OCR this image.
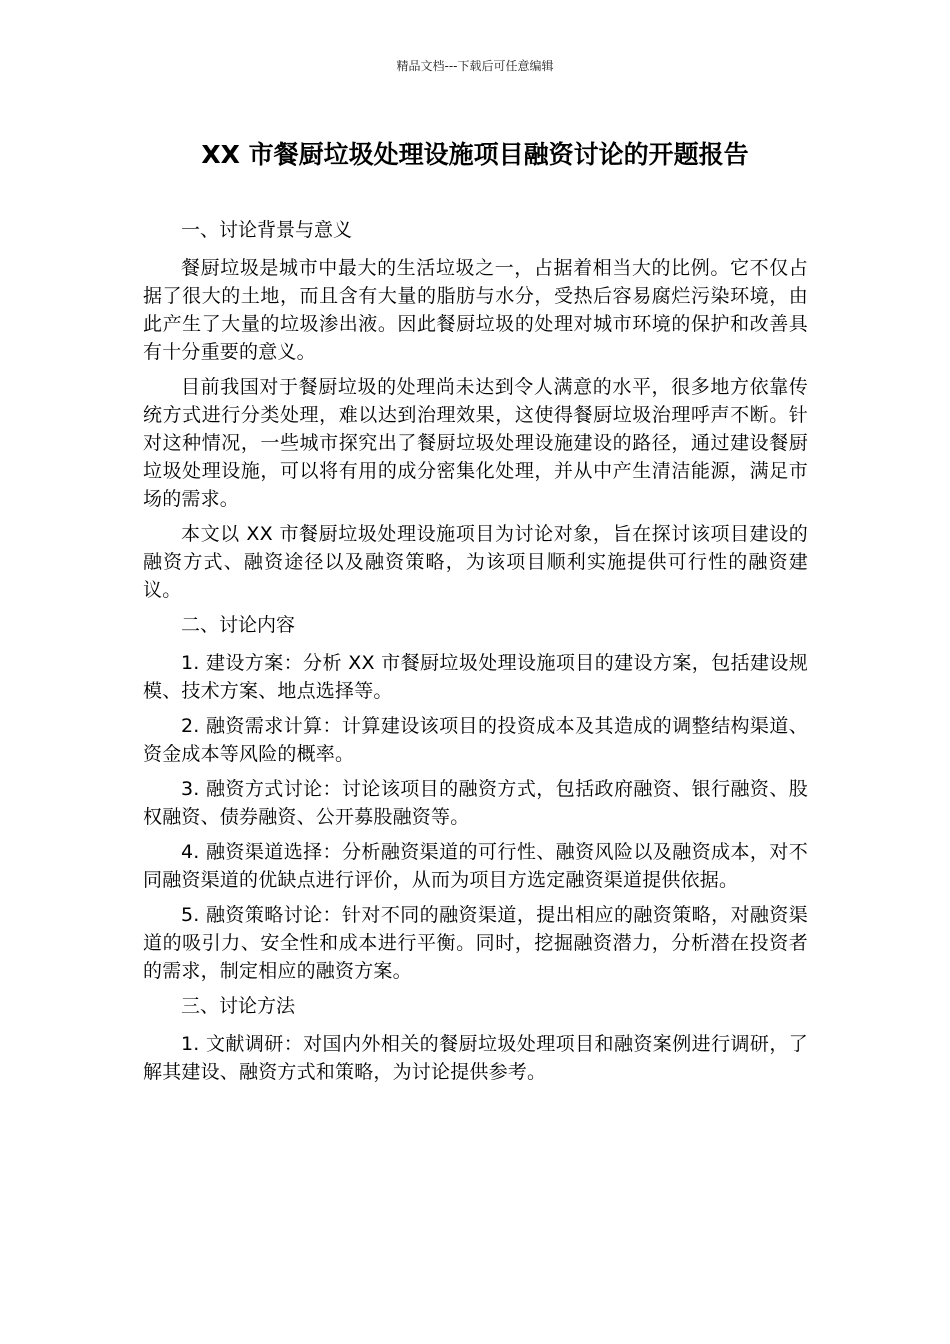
精品文档---下载后可任意编辑
XX 市餐厨垃圾处理设施项目融资讨论的开题报告

一、讨论背景与意义

餐厨垃圾是城市中最大的生活垃圾之一，占据着相当大的比例。它不仅占据了很大的土地，而且含有大量的脂肪与水分，受热后容易腐烂污染环境，由此产生了大量的垃圾渗出液。因此餐厨垃圾的处理对城市环境的保护和改善具有十分重要的意义。

目前我国对于餐厨垃圾的处理尚未达到令人满意的水平，很多地方依靠传统方式进行分类处理，难以达到治理效果，这使得餐厨垃圾治理呼声不断。针对这种情况，一些城市探究出了餐厨垃圾处理设施建设的路径，通过建设餐厨垃圾处理设施，可以将有用的成分密集化处理，并从中产生清洁能源，满足市场的需求。

本文以 XX 市餐厨垃圾处理设施项目为讨论对象，旨在探讨该项目建设的融资方式、融资途径以及融资策略，为该项目顺利实施提供可行性的融资建议。

二、讨论内容

1. 建设方案：分析 XX 市餐厨垃圾处理设施项目的建设方案，包括建设规模、技术方案、地点选择等。

2. 融资需求计算：计算建设该项目的投资成本及其造成的调整结构渠道、资金成本等风险的概率。

3. 融资方式讨论：讨论该项目的融资方式，包括政府融资、银行融资、股权融资、债券融资、公开募股融资等。

4. 融资渠道选择：分析融资渠道的可行性、融资风险以及融资成本，对不同融资渠道的优缺点进行评价，从而为项目方选定融资渠道提供依据。

5. 融资策略讨论：针对不同的融资渠道，提出相应的融资策略，对融资渠道的吸引力、安全性和成本进行平衡。同时，挖掘融资潜力，分析潜在投资者的需求，制定相应的融资方案。

三、讨论方法

1. 文献调研：对国内外相关的餐厨垃圾处理项目和融资案例进行调研，了解其建设、融资方式和策略，为讨论提供参考。
